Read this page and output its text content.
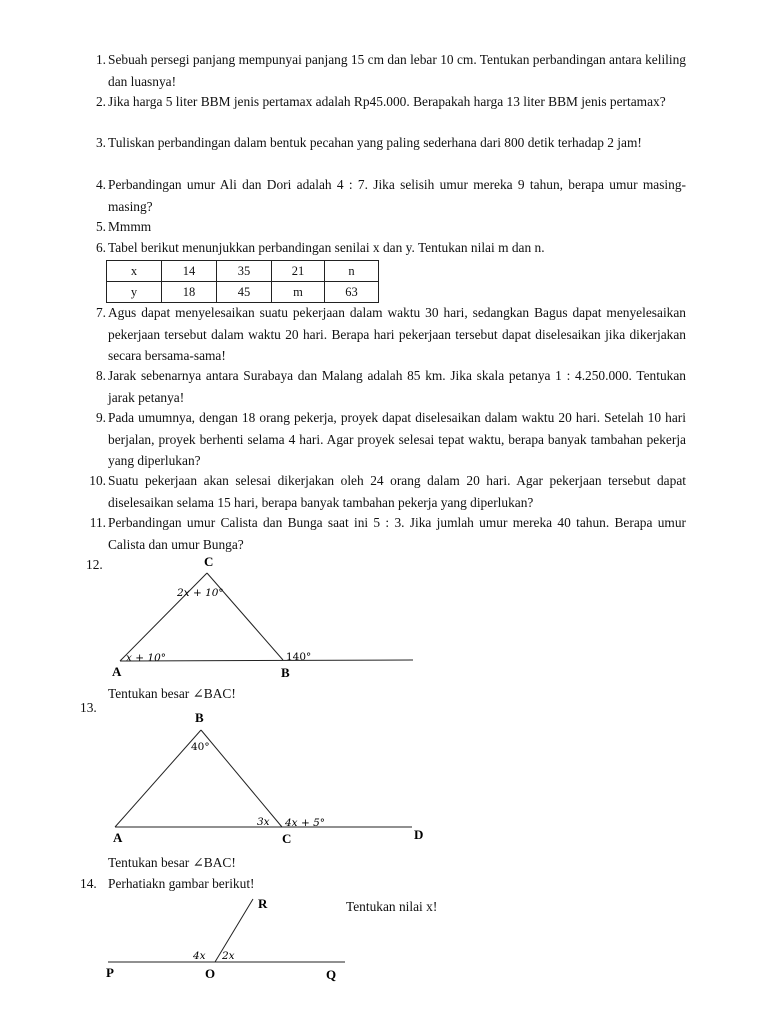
1. Sebuah persegi panjang mempunyai panjang 15 cm dan lebar 10 cm. Tentukan perbandingan antara keliling dan luasnya!
2. Jika harga 5 liter BBM jenis pertamax adalah Rp45.000. Berapakah harga 13 liter BBM jenis pertamax?
3. Tuliskan perbandingan dalam bentuk pecahan yang paling sederhana dari 800 detik terhadap 2 jam!
4. Perbandingan umur Ali dan Dori adalah 4 : 7. Jika selisih umur mereka 9 tahun, berapa umur masing-masing?
5. Mmmm
6. Tabel berikut menunjukkan perbandingan senilai x dan y. Tentukan nilai m dan n.
x	14	35	21	n
y	18	45	m	63
7. Agus dapat menyelesaikan suatu pekerjaan dalam waktu 30 hari, sedangkan Bagus dapat menyelesaikan pekerjaan tersebut dalam waktu 20 hari. Berapa hari pekerjaan tersebut dapat diselesaikan jika dikerjakan secara bersama-sama!
8. Jarak sebenarnya antara Surabaya dan Malang adalah 85 km. Jika skala petanya 1 : 4.250.000. Tentukan jarak petanya!
9. Pada umumnya, dengan 18 orang pekerja, proyek dapat diselesaikan dalam waktu 20 hari. Setelah 10 hari berjalan, proyek berhenti selama 4 hari. Agar proyek selesai tepat waktu, berapa banyak tambahan pekerja yang diperlukan?
10. Suatu pekerjaan akan selesai dikerjakan oleh 24 orang dalam 20 hari. Agar pekerjaan tersebut dapat diselesaikan selama 15 hari, berapa banyak tambahan pekerja yang diperlukan?
11. Perbandingan umur Calista dan Bunga saat ini 5 : 3. Jika jumlah umur mereka 40 tahun. Berapa umur Calista dan umur Bunga?
12.	C
A	B
2x + 10°
x + 10°	140°
Tentukan besar ∠BAC!
13.
B
A	C	D
40°
3x 4x + 5°
Tentukan besar ∠BAC!
14. Perhatiakn gambar berikut!
R
P	O	Q
4x 2x
Tentukan nilai x!
